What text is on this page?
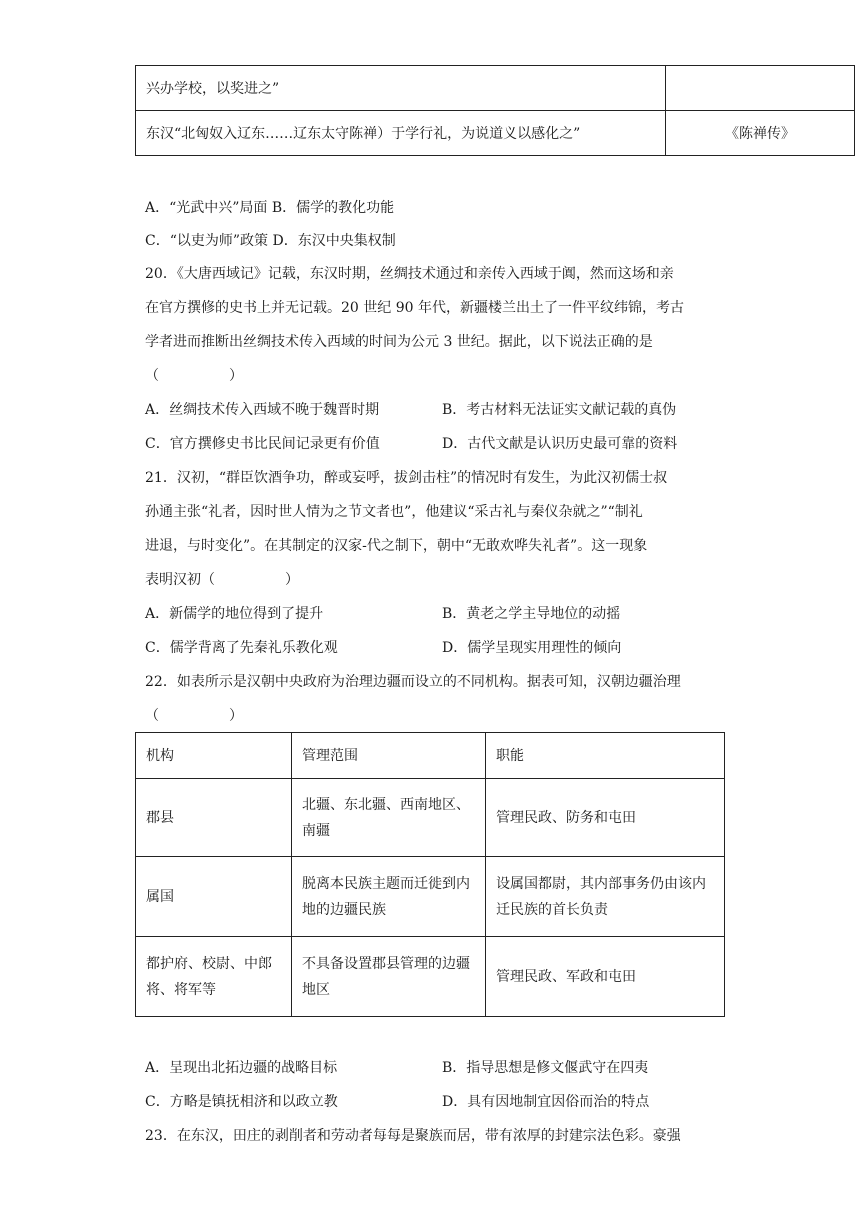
兴办学校，以奖进之”	
东汉“北匈奴入辽东……辽东太守陈禅）于学行礼，为说道义以感化之”	《陈禅传》
A．“光武中兴”局面 B．儒学的教化功能
C．“以吏为师”政策 D．东汉中央集权制
20．《大唐西域记》记载，东汉时期，丝绸技术通过和亲传入西域于阗，然而这场和亲
在官方撰修的史书上并无记载。20 世纪 90 年代，新疆楼兰出土了一件平纹纬锦，考古
学者进而推断出丝绸技术传入西域的时间为公元 3 世纪。据此，以下说法正确的是
（　　　　　）
A．丝绸技术传入西域不晚于魏晋时期	B．考古材料无法证实文献记载的真伪
C．官方撰修史书比民间记录更有价值	D．古代文献是认识历史最可靠的资料
21．汉初，“群臣饮酒争功，醉或妄呼，拔剑击柱”的情况时有发生，为此汉初儒士叔
孙通主张“礼者，因时世人情为之节文者也”，他建议“采古礼与秦仪杂就之”“制礼
进退，与时变化”。在其制定的汉家-代之制下，朝中“无敢欢哗失礼者”。这一现象
表明汉初（　　　　　）
A．新儒学的地位得到了提升	B．黄老之学主导地位的动摇
C．儒学背离了先秦礼乐教化观	D．儒学呈现实用理性的倾向
22．如表所示是汉朝中央政府为治理边疆而设立的不同机构。据表可知，汉朝边疆治理
（　　　　　）
机构	管理范围	职能
郡县	北疆、东北疆、西南地区、南疆	管理民政、防务和屯田
属国	脱离本民族主题而迁徙到内地的边疆民族	设属国都尉，其内部事务仍由该内迁民族的首长负责
都护府、校尉、中郎将、将军等	不具备设置郡县管理的边疆地区	管理民政、军政和屯田
A．呈现出北拓边疆的战略目标	B．指导思想是修文偃武守在四夷
C．方略是镇抚相济和以政立教	D．具有因地制宜因俗而治的特点
23．在东汉，田庄的剥削者和劳动者每每是聚族而居，带有浓厚的封建宗法色彩。豪强
